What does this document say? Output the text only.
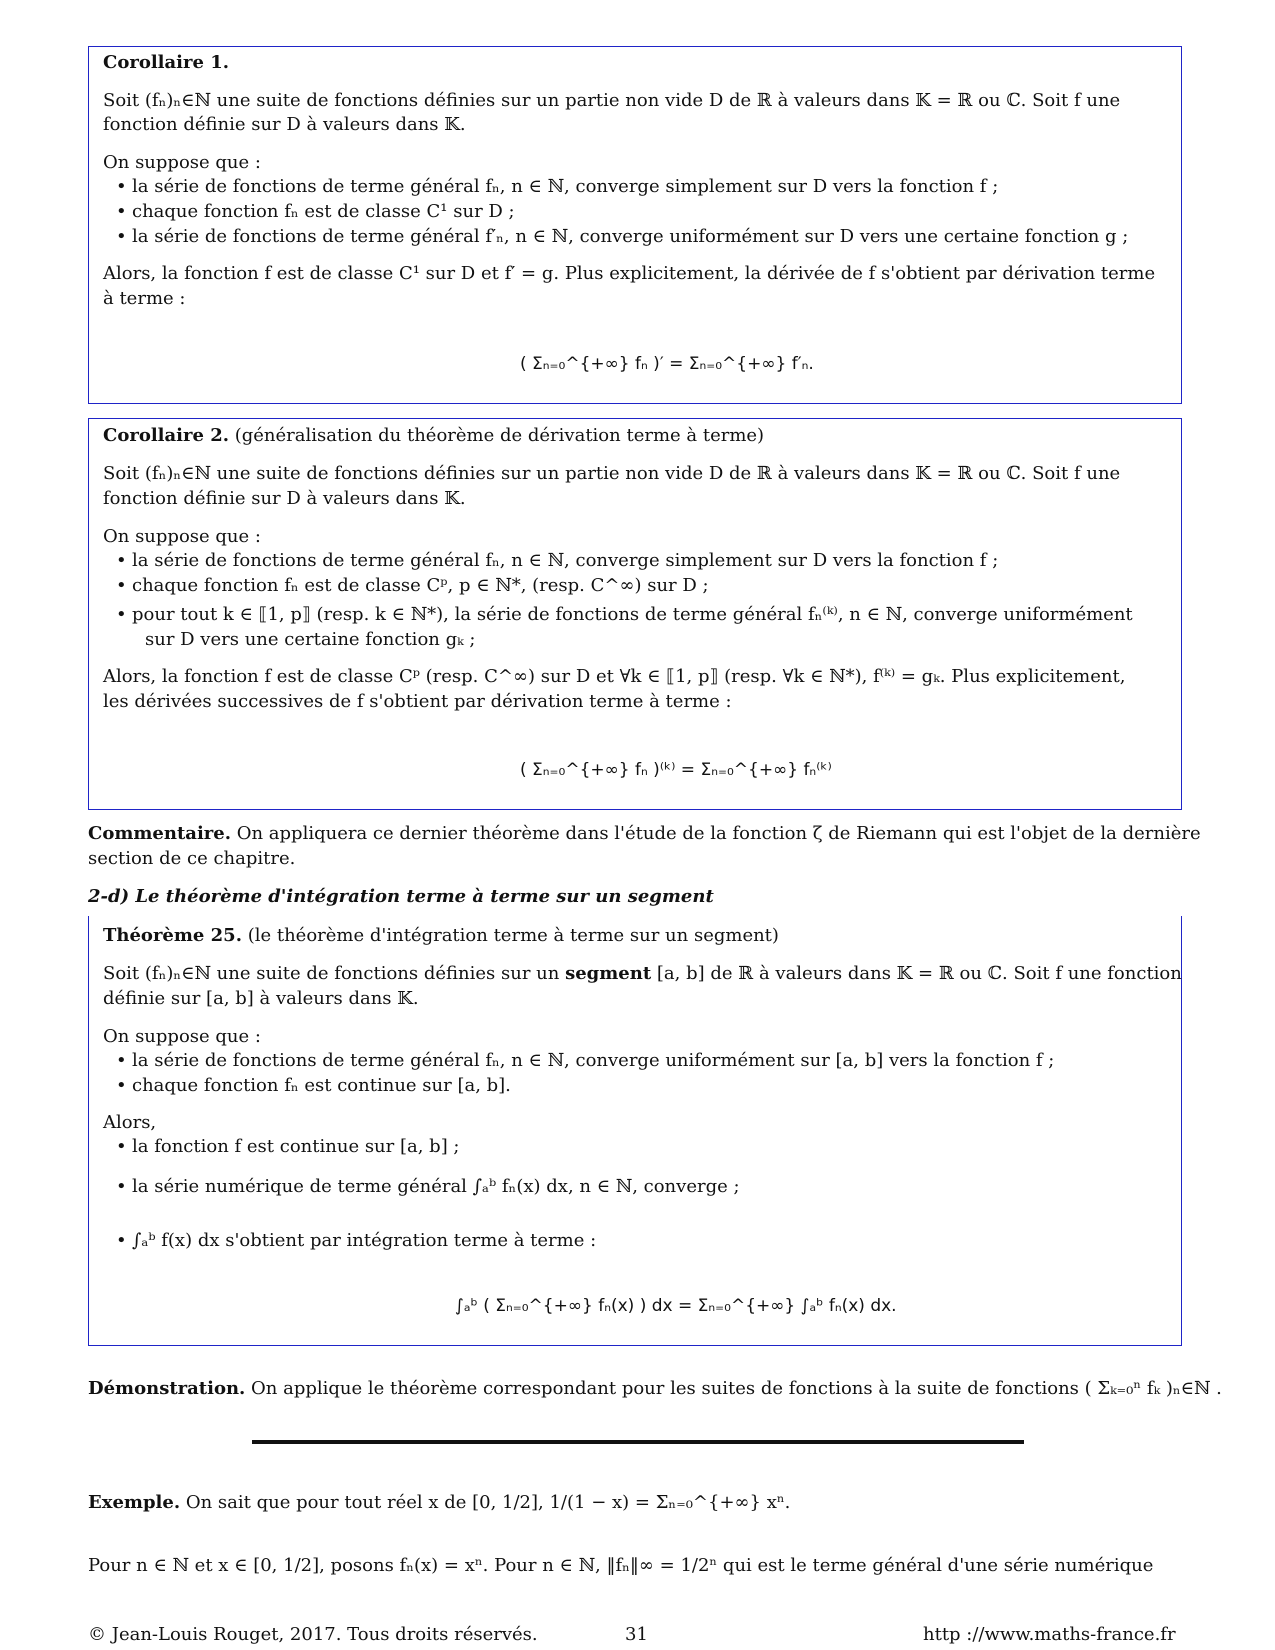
Corollaire 1.
Soit (fₙ)ₙ∈ℕ une suite de fonctions définies sur un partie non vide D de ℝ à valeurs dans 𝕂 = ℝ ou ℂ. Soit f une
fonction définie sur D à valeurs dans 𝕂.
On suppose que :
• la série de fonctions de terme général fₙ, n ∈ ℕ, converge simplement sur D vers la fonction f ;
• chaque fonction fₙ est de classe C¹ sur D ;
• la série de fonctions de terme général f′ₙ, n ∈ ℕ, converge uniformément sur D vers une certaine fonction g ;
Alors, la fonction f est de classe C¹ sur D et f′ = g. Plus explicitement, la dérivée de f s'obtient par dérivation terme
à terme :
( Σₙ₌₀^{+∞} fₙ )′ = Σₙ₌₀^{+∞} f′ₙ.
Corollaire 2. (généralisation du théorème de dérivation terme à terme)
Soit (fₙ)ₙ∈ℕ une suite de fonctions définies sur un partie non vide D de ℝ à valeurs dans 𝕂 = ℝ ou ℂ. Soit f une
fonction définie sur D à valeurs dans 𝕂.
On suppose que :
• la série de fonctions de terme général fₙ, n ∈ ℕ, converge simplement sur D vers la fonction f ;
• chaque fonction fₙ est de classe Cᵖ, p ∈ ℕ*, (resp. C^∞) sur D ;
• pour tout k ∈ ⟦1, p⟧ (resp. k ∈ ℕ*), la série de fonctions de terme général fₙ⁽ᵏ⁾, n ∈ ℕ, converge uniformément
sur D vers une certaine fonction gₖ ;
Alors, la fonction f est de classe Cᵖ (resp. C^∞) sur D et ∀k ∈ ⟦1, p⟧ (resp. ∀k ∈ ℕ*), f⁽ᵏ⁾ = gₖ. Plus explicitement,
les dérivées successives de f s'obtient par dérivation terme à terme :
( Σₙ₌₀^{+∞} fₙ )⁽ᵏ⁾ = Σₙ₌₀^{+∞} fₙ⁽ᵏ⁾
Commentaire. On appliquera ce dernier théorème dans l'étude de la fonction ζ de Riemann qui est l'objet de la dernière
section de ce chapitre.
2-d) Le théorème d'intégration terme à terme sur un segment
Théorème 25. (le théorème d'intégration terme à terme sur un segment)
Soit (fₙ)ₙ∈ℕ une suite de fonctions définies sur un segment [a, b] de ℝ à valeurs dans 𝕂 = ℝ ou ℂ. Soit f une fonction
définie sur [a, b] à valeurs dans 𝕂.
On suppose que :
• la série de fonctions de terme général fₙ, n ∈ ℕ, converge uniformément sur [a, b] vers la fonction f ;
• chaque fonction fₙ est continue sur [a, b].
Alors,
• la fonction f est continue sur [a, b] ;
• la série numérique de terme général ∫ₐᵇ fₙ(x) dx, n ∈ ℕ, converge ;
• ∫ₐᵇ f(x) dx s'obtient par intégration terme à terme :
∫ₐᵇ ( Σₙ₌₀^{+∞} fₙ(x) ) dx = Σₙ₌₀^{+∞} ∫ₐᵇ fₙ(x) dx.
Démonstration. On applique le théorème correspondant pour les suites de fonctions à la suite de fonctions ( Σₖ₌₀ⁿ fₖ )ₙ∈ℕ .
Exemple. On sait que pour tout réel x de [0, 1/2], 1/(1 − x) = Σₙ₌₀^{+∞} xⁿ.
Pour n ∈ ℕ et x ∈ [0, 1/2], posons fₙ(x) = xⁿ. Pour n ∈ ℕ, ‖fₙ‖∞ = 1/2ⁿ qui est le terme général d'une série numérique
© Jean-Louis Rouget, 2017. Tous droits réservés.	31	http ://www.maths-france.fr
